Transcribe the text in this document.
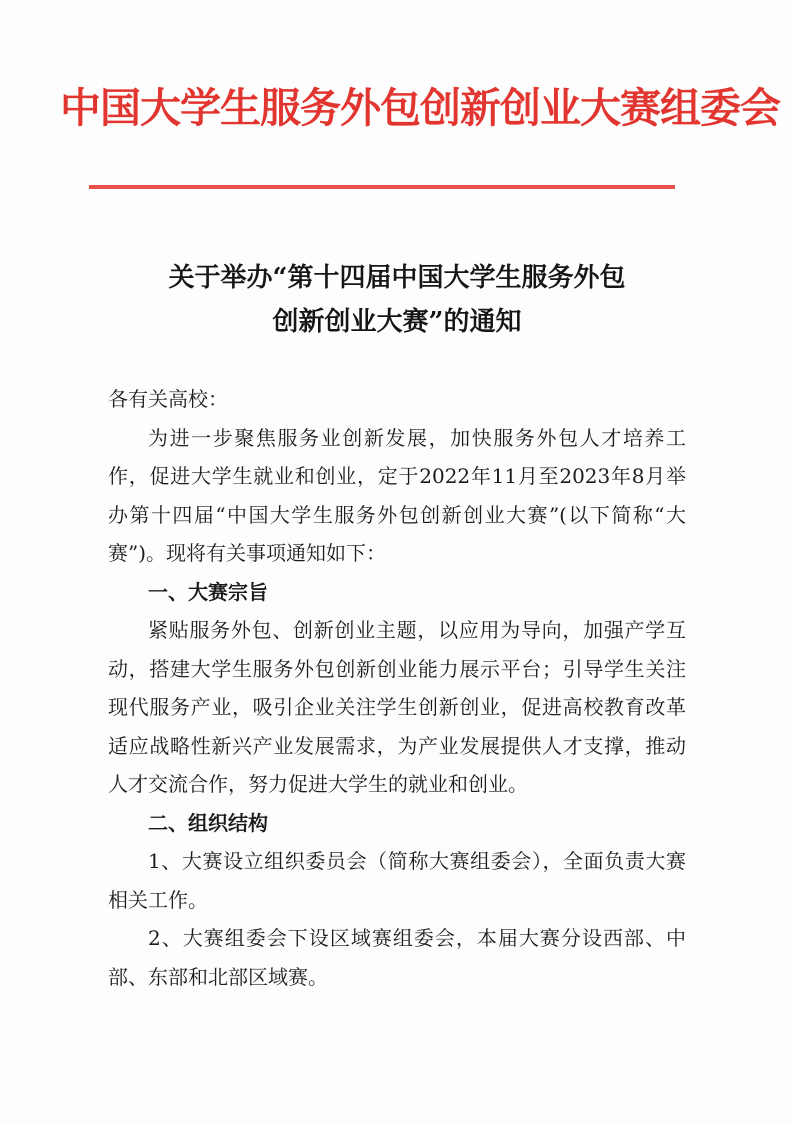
中国大学生服务外包创新创业大赛组委会
关于举办“第十四届中国大学生服务外包
创新创业大赛”的通知

各有关高校：

为进一步聚焦服务业创新发展，加快服务外包人才培养工作，促进大学生就业和创业，定于2022年11月至2023年8月举办第十四届“中国大学生服务外包创新创业大赛”(以下简称“大赛”)。现将有关事项通知如下：

一、大赛宗旨

紧贴服务外包、创新创业主题，以应用为导向，加强产学互动，搭建大学生服务外包创新创业能力展示平台；引导学生关注现代服务产业，吸引企业关注学生创新创业，促进高校教育改革适应战略性新兴产业发展需求，为产业发展提供人才支撑，推动人才交流合作，努力促进大学生的就业和创业。

二、组织结构

1、大赛设立组织委员会（简称大赛组委会），全面负责大赛相关工作。

2、大赛组委会下设区域赛组委会，本届大赛分设西部、中部、东部和北部区域赛。
